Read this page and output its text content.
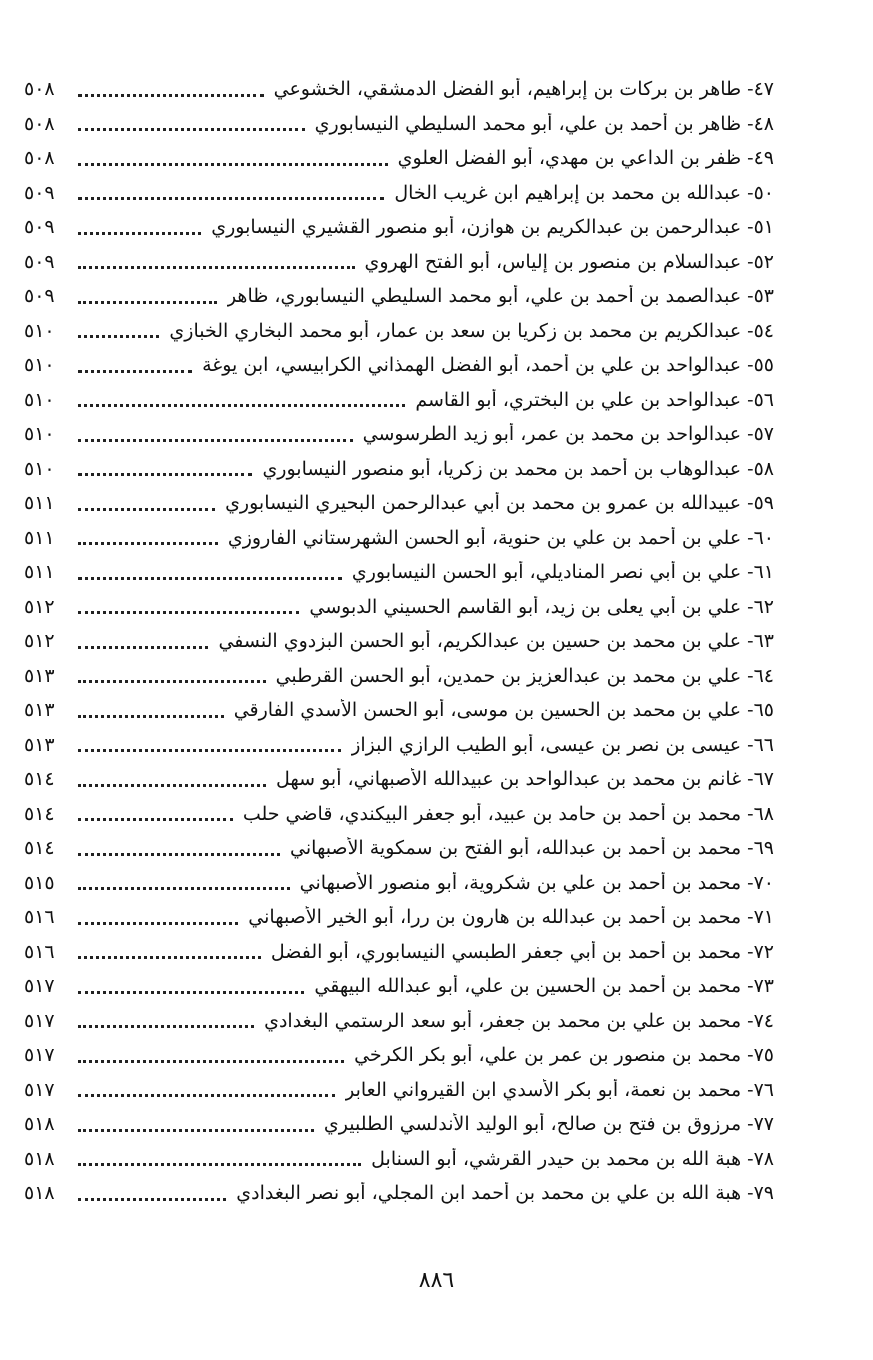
٤٧-
طاهر بن بركات بن إبراهيم، أبو الفضل الدمشقي، الخشوعي
٥٠٨
٤٨-
ظاهر بن أحمد بن علي، أبو محمد السليطي النيسابوري
٥٠٨
٤٩-
ظفر بن الداعي بن مهدي، أبو الفضل العلوي
٥٠٨
٥٠-
عبدالله بن محمد بن إبراهيم ابن غريب الخال
٥٠٩
٥١-
عبدالرحمن بن عبدالكريم بن هوازن، أبو منصور القشيري النيسابوري
٥٠٩
٥٢-
عبدالسلام بن منصور بن إلياس، أبو الفتح الهروي
٥٠٩
٥٣-
عبدالصمد بن أحمد بن علي، أبو محمد السليطي النيسابوري، ظاهر
٥٠٩
٥٤-
عبدالكريم بن محمد بن زكريا بن سعد بن عمار، أبو محمد البخاري الخبازي
٥١٠
٥٥-
عبدالواحد بن علي بن أحمد، أبو الفضل الهمذاني الكرابيسي، ابن يوغة
٥١٠
٥٦-
عبدالواحد بن علي بن البختري، أبو القاسم
٥١٠
٥٧-
عبدالواحد بن محمد بن عمر، أبو زيد الطرسوسي
٥١٠
٥٨-
عبدالوهاب بن أحمد بن محمد بن زكريا، أبو منصور النيسابوري
٥١٠
٥٩-
عبيدالله بن عمرو بن محمد بن أبي عبدالرحمن البحيري النيسابوري
٥١١
٦٠-
علي بن أحمد بن علي بن حنوية، أبو الحسن الشهرستاني الفاروزي
٥١١
٦١-
علي بن أبي نصر المناديلي، أبو الحسن النيسابوري
٥١١
٦٢-
علي بن أبي يعلى بن زيد، أبو القاسم الحسيني الدبوسي
٥١٢
٦٣-
علي بن محمد بن حسين بن عبدالكريم، أبو الحسن البزدوي النسفي
٥١٢
٦٤-
علي بن محمد بن عبدالعزيز بن حمدين، أبو الحسن القرطبي
٥١٣
٦٥-
علي بن محمد بن الحسين بن موسى، أبو الحسن الأسدي الفارقي
٥١٣
٦٦-
عيسى بن نصر بن عيسى، أبو الطيب الرازي البزاز
٥١٣
٦٧-
غانم بن محمد بن عبدالواحد بن عبيدالله الأصبهاني، أبو سهل
٥١٤
٦٨-
محمد بن أحمد بن حامد بن عبيد، أبو جعفر البيكندي، قاضي حلب
٥١٤
٦٩-
محمد بن أحمد بن عبدالله، أبو الفتح بن سمكوية الأصبهاني
٥١٤
٧٠-
محمد بن أحمد بن علي بن شكروية، أبو منصور الأصبهاني
٥١٥
٧١-
محمد بن أحمد بن عبدالله بن هارون بن ررا، أبو الخير الأصبهاني
٥١٦
٧٢-
محمد بن أحمد بن أبي جعفر الطبسي النيسابوري، أبو الفضل
٥١٦
٧٣-
محمد بن أحمد بن الحسين بن علي، أبو عبدالله البيهقي
٥١٧
٧٤-
محمد بن علي بن محمد بن جعفر، أبو سعد الرستمي البغدادي
٥١٧
٧٥-
محمد بن منصور بن عمر بن علي، أبو بكر الكرخي
٥١٧
٧٦-
محمد بن نعمة، أبو بكر الأسدي ابن القيرواني العابر
٥١٧
٧٧-
مرزوق بن فتح بن صالح، أبو الوليد الأندلسي الطلبيري
٥١٨
٧٨-
هبة الله بن محمد بن حيدر القرشي، أبو السنابل
٥١٨
٧٩-
هبة الله بن علي بن محمد بن أحمد ابن المجلي، أبو نصر البغدادي
٥١٨
٨٨٦
